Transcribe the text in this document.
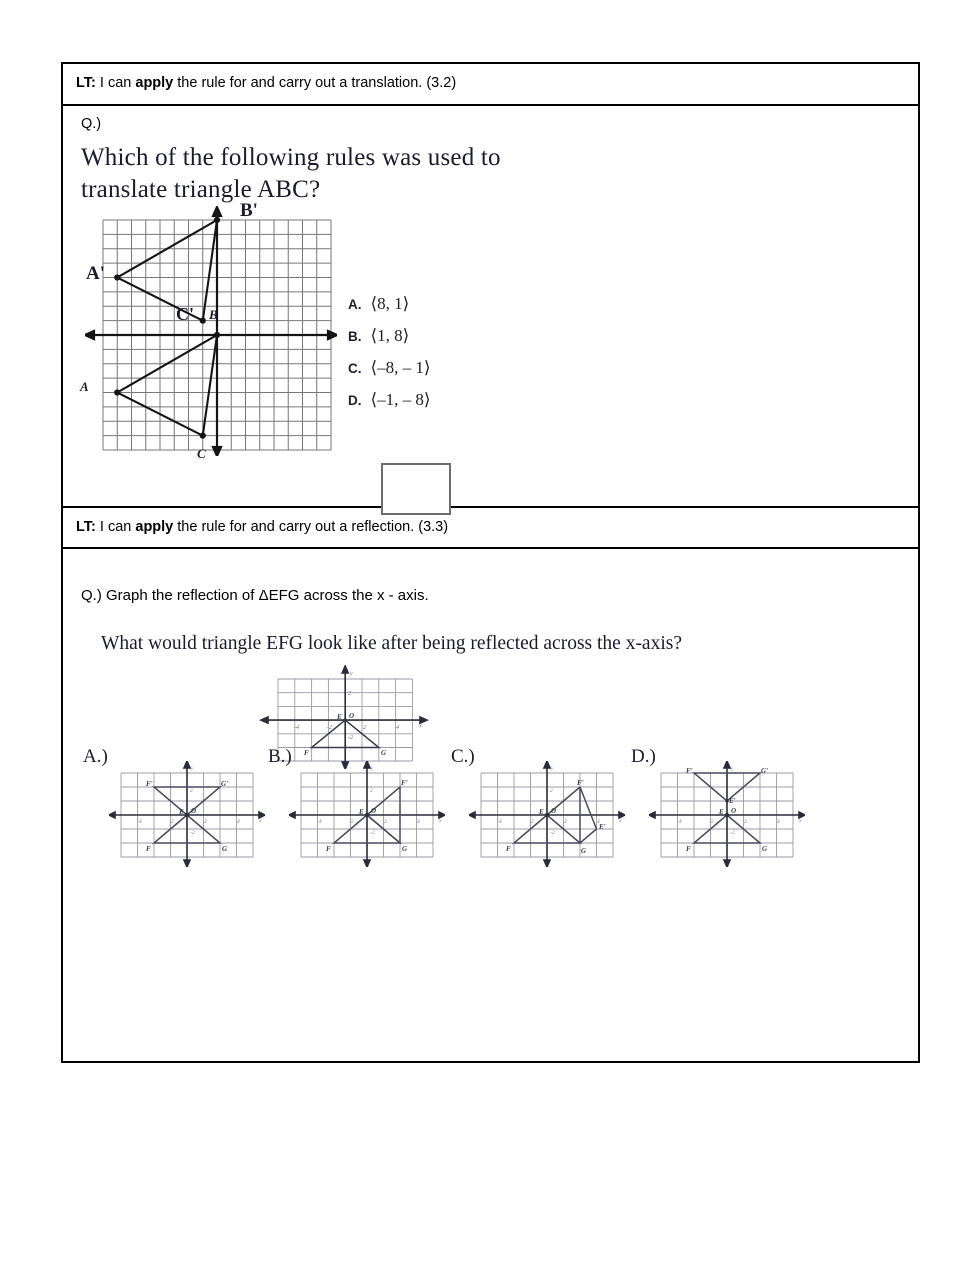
LT: I can apply the rule for and carry out a translation. (3.2)
Q.)
Which of the following rules was used to translate triangle ABC?
B'
A'
C' B
A
C
A. ⟨8, 1⟩
B. ⟨1, 8⟩
C. ⟨–8, – 1⟩
D. ⟨–1, – 8⟩
LT: I can apply the rule for and carry out a reflection. (3.3)
Q.) Graph the reflection of ΔEFG across the x - axis.
What would triangle EFG look like after being reflected across the x-axis?
-4	-2	2	4
2
-2
x
y
E O
F	G
A.)
-4	-2	2	4
2
-2
x
y
F'	G'
E O
F	G
B.)
-4	-2	2	4
2
-2
x
y
F'
E O
F	G
C.)
-4	-2	2	4
2
-2
x
y
F'
E O
E'
F	G
D.)
-4	-2	2	4
-2
x
y
F'	G'
E'
E O
F	G
